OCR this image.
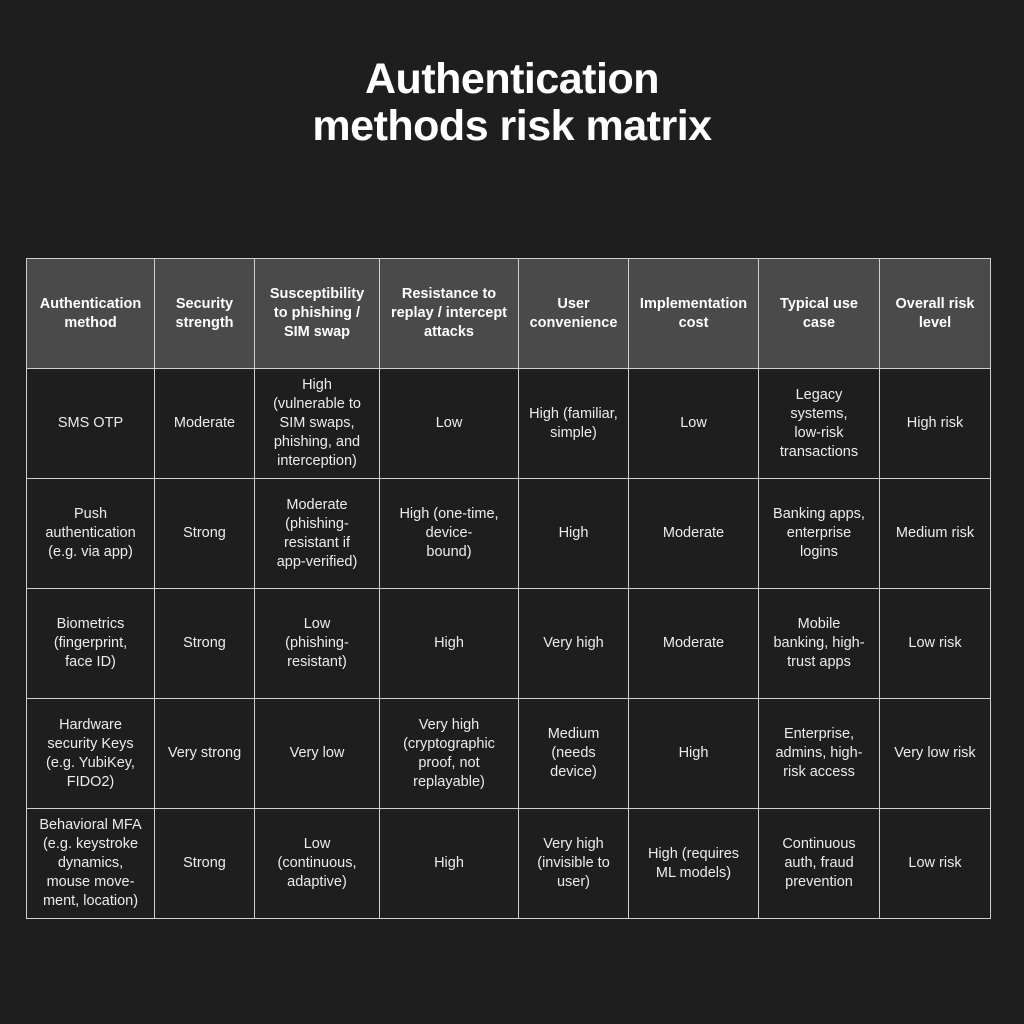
Authentication
methods risk matrix
Authentication
method	Security
strength	Susceptibility
to phishing /
SIM swap	Resistance to
replay / intercept
attacks	User
convenience	Implementation
cost	Typical use
case	Overall risk
level
SMS OTP	Moderate	High
(vulnerable to
SIM swaps,
phishing, and
interception)	Low	High (familiar,
simple)	Low	Legacy
systems,
low-risk
transactions	High risk
Push
authentication
(e.g. via app)	Strong	Moderate
(phishing-
resistant if
app-verified)	High (one-time,
device-
bound)	High	Moderate	Banking apps,
enterprise
logins	Medium risk
Biometrics
(fingerprint,
face ID)	Strong	Low
(phishing-
resistant)	High	Very high	Moderate	Mobile
banking, high-
trust apps	Low risk
Hardware
security Keys
(e.g. YubiKey,
FIDO2)	Very strong	Very low	Very high
(cryptographic
proof, not
replayable)	Medium
(needs
device)	High	Enterprise,
admins, high-
risk access	Very low risk
Behavioral MFA
(e.g. keystroke
dynamics,
mouse move-
ment, location)	Strong	Low
(continuous,
adaptive)	High	Very high
(invisible to
user)	High (requires
ML models)	Continuous
auth, fraud
prevention	Low risk
